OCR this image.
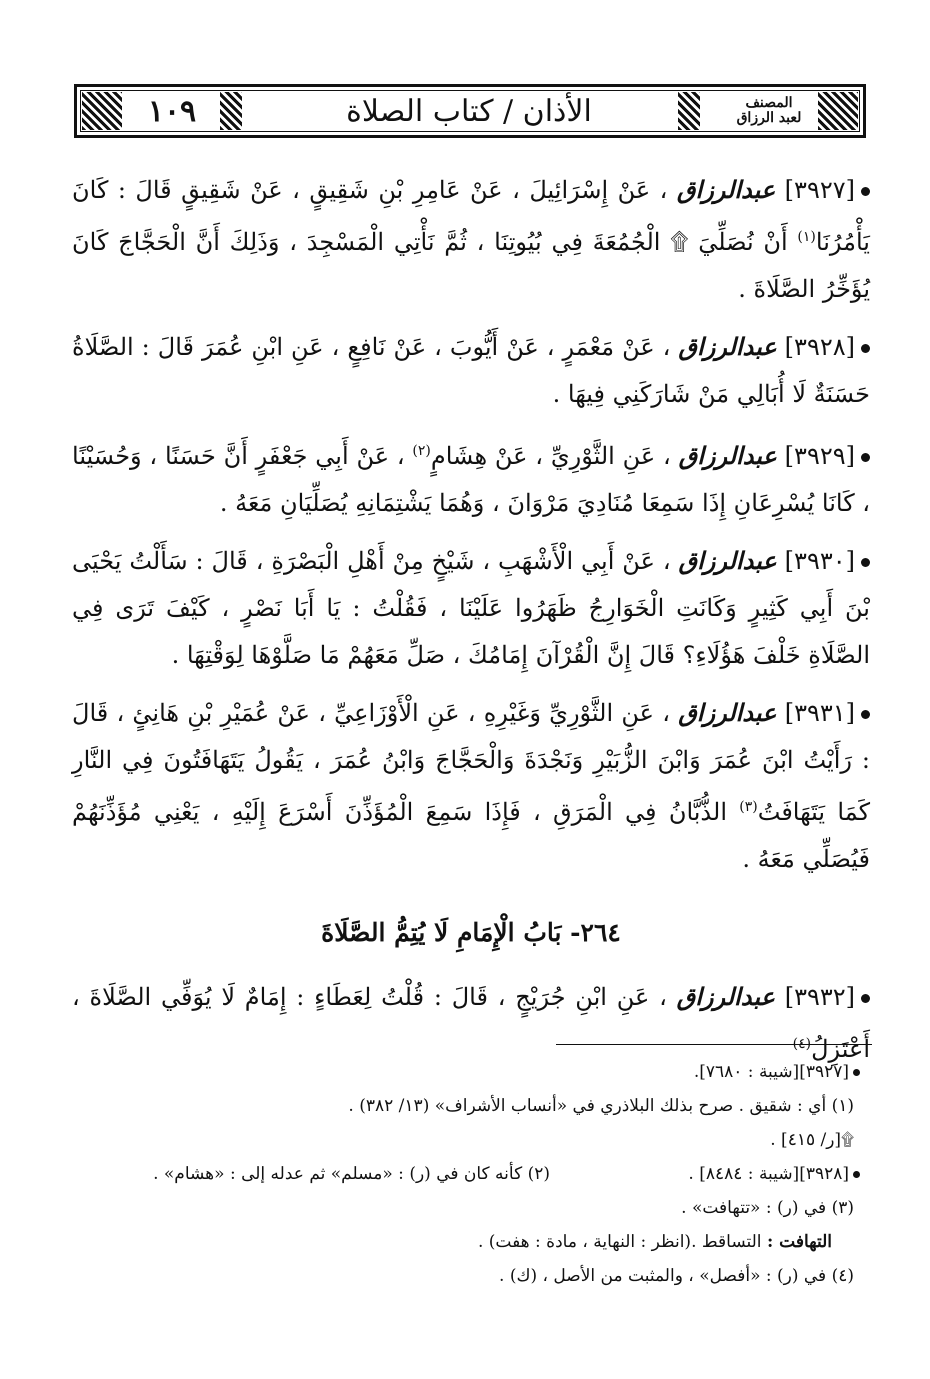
١٠٩	الأذان / كتاب الصلاة	المصنف
لعبد الرزاق
[٣٩٢٧] عبدالرزاق ، عَنْ إِسْرَائِيلَ ، عَنْ عَامِرِ بْنِ شَقِيقٍ ، عَنْ شَقِيقٍ قَالَ : كَانَ يَأْمُرُنَا$^{(١)}$ أَنْ نُصَلِّيَ ۩ الْجُمُعَةَ فِي بُيُوتِنَا ، ثُمَّ نَأْتِي الْمَسْجِدَ ، وَذَلِكَ أَنَّ الْحَجَّاجَ كَانَ يُؤَخِّرُ الصَّلَاةَ .
[٣٩٢٨] عبدالرزاق ، عَنْ مَعْمَرٍ ، عَنْ أَيُّوبَ ، عَنْ نَافِعٍ ، عَنِ ابْنِ عُمَرَ قَالَ : الصَّلَاةُ حَسَنَةٌ لَا أُبَالِي مَنْ شَارَكَنِي فِيهَا .
[٣٩٢٩] عبدالرزاق ، عَنِ الثَّوْرِيِّ ، عَنْ هِشَامٍ$^{(٢)}$ ، عَنْ أَبِي جَعْفَرٍ أَنَّ حَسَنًا ، وَحُسَيْنًا ، كَانَا يُسْرِعَانِ إِذَا سَمِعَا مُنَادِيَ مَرْوَانَ ، وَهُمَا يَشْتِمَانِهِ يُصَلِّيَانِ مَعَهُ .
[٣٩٣٠] عبدالرزاق ، عَنْ أَبِي الْأَشْهَبِ ، شَيْخٍ مِنْ أَهْلِ الْبَصْرَةِ ، قَالَ : سَأَلْتُ يَحْيَى بْنَ أَبِي كَثِيرٍ وَكَانَتِ الْخَوَارِجُ ظَهَرُوا عَلَيْنَا ، فَقُلْتُ : يَا أَبَا نَصْرٍ ، كَيْفَ تَرَى فِي الصَّلَاةِ خَلْفَ هَؤُلَاءِ؟ قَالَ إِنَّ الْقُرْآنَ إِمَامُكَ ، صَلِّ مَعَهُمْ مَا صَلَّوْهَا لِوَقْتِهَا .
[٣٩٣١] عبدالرزاق ، عَنِ الثَّوْرِيِّ وَغَيْرِهِ ، عَنِ الْأَوْزَاعِيِّ ، عَنْ عُمَيْرِ بْنِ هَانِئٍ ، قَالَ : رَأَيْتُ ابْنَ عُمَرَ وَابْنَ الزُّبَيْرِ وَنَجْدَةَ وَالْحَجَّاجَ وَابْنُ عُمَرَ ، يَقُولُ يَتَهَافَتُونَ فِي النَّارِ كَمَا يَتَهَافَتُ$^{(٣)}$ الذُّبَّانُ فِي الْمَرَقِ ، فَإِذَا سَمِعَ الْمُؤَذِّنَ أَسْرَعَ إِلَيْهِ ، يَعْنِي مُؤَذِّنَهُمْ فَيُصَلِّي مَعَهُ .
٢٦٤- بَابُ الْإِمَامِ لَا يُتِمُّ الصَّلَاةَ
[٣٩٣٢] عبدالرزاق ، عَنِ ابْنِ جُرَيْجٍ ، قَالَ : قُلْتُ لِعَطَاءٍ : إِمَامٌ لَا يُوَفِّي الصَّلَاةَ ، أَعْتَزِلُ$^{(٤)}$
[٣٩٢٧][شيبة : ٧٦٨٠].
(١) أي : شقيق . صرح بذلك البلاذري في «أنساب الأشراف» (١٣/ ٣٨٢) .
۩[ر/ ٤١٥] .
[٣٩٢٨][شيبة : ٨٤٨٤] .
(٢) كأنه كان في (ر) : «مسلم» ثم عدله إلى : «هشام» .
(٣) في (ر) : «تتهافت» .
التهافت : التساقط .(انظر : النهاية ، مادة : هفت) .
(٤) في (ر) : «أفصل» ، والمثبت من الأصل ، (ك) .
